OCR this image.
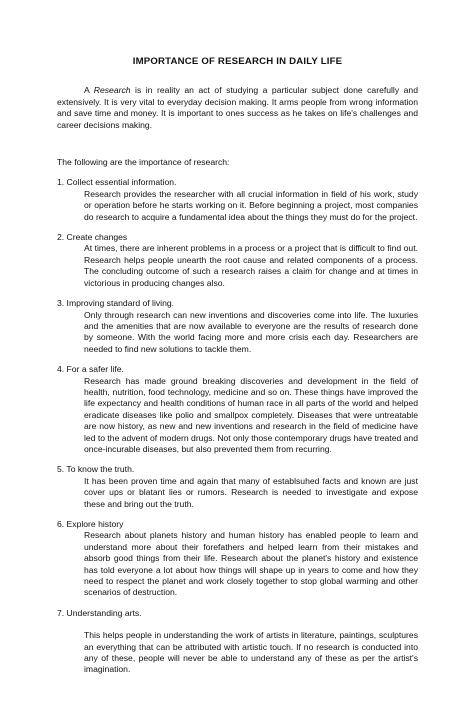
IMPORTANCE OF RESEARCH IN DAILY LIFE

A Research is in reality an act of studying a particular subject done carefully and extensively. It is very vital to everyday decision making. It arms people from wrong information and save time and money. It is important to ones success as he takes on life's challenges and career decisions making.

The following are the importance of research:

1. Collect essential information.

Research provides the researcher with all crucial information in field of his work, study or operation before he starts working on it. Before beginning a project, most companies do research to acquire a fundamental idea about the things they must do for the project.

2. Create changes

At times, there are inherent problems in a process or a project that is difficult to find out. Research helps people unearth the root cause and related components of a process. The concluding outcome of such a research raises a claim for change and at times in victorious in producing changes also.

3. Improving standard of living.

Only through research can new inventions and discoveries come into life. The luxuries and the amenities that are now available to everyone are the results of research done by someone. With the world facing more and more crisis each day. Researchers are needed to find new solutions to tackle them.

4. For a safer life.

Research has made ground breaking discoveries and development in the field of health, nutrition, food technology, medicine and so on. These things have improved the life expectancy and health conditions of human race in all parts of the world and helped eradicate diseases like polio and smallpox completely. Diseases that were untreatable are now history, as new and new inventions and research in the field of medicine have led to the advent of modern drugs. Not only those contemporary drugs have treated and once-incurable diseases, but also prevented them from recurring.

5. To know the truth.

It has been proven time and again that many of establsuhed facts and known are just cover ups or blatant lies or rumors. Research is needed to investigate and expose these and bring out the truth.

6. Explore history

Research about planets history and human history has enabled people to learn and understand more about their forefathers and helped learn from their mistakes and absorb good things from their life. Research about the planet's history and existence has told everyone a lot about how things will shape up in years to come and how they need to respect the planet and work closely together to stop global warming and other scenarios of destruction.

7. Understanding arts.

This helps people in understanding the work of artists in literature, paintings, sculptures an everything that can be attributed with artistic touch. If no research is conducted into any of these, people will never be able to understand any of these as per the artist's imagination.
